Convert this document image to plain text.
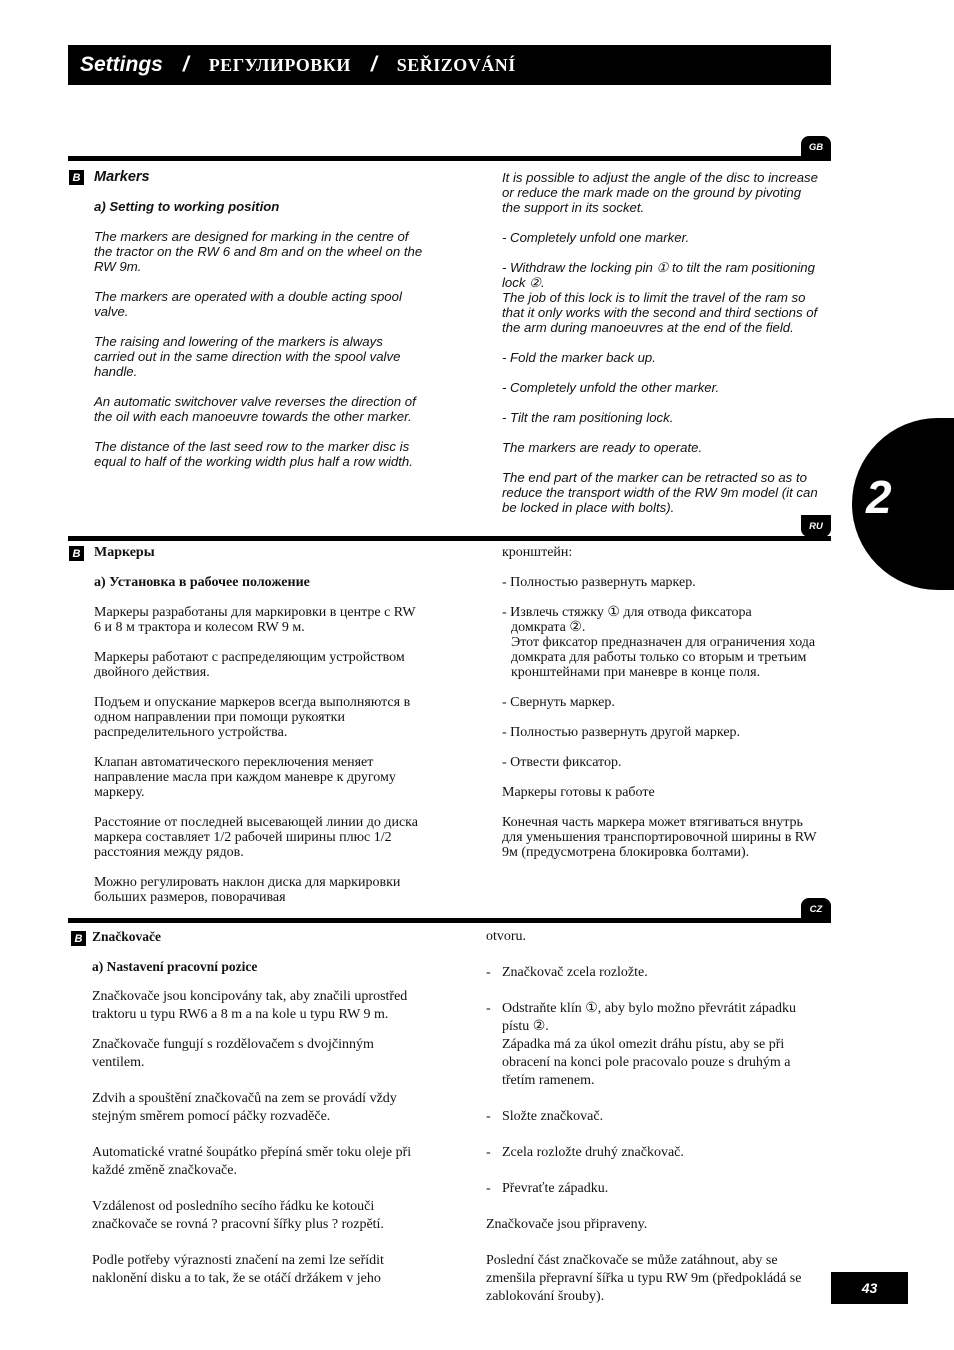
Settings / РЕГУЛИРОВКИ / SEŘIZOVÁNÍ
GB
B Markers

a) Setting to working position

The markers are designed for marking in the centre of the tractor on the RW 6 and 8m and on the wheel on the RW 9m.

The markers are operated with a double acting spool valve.

The raising and lowering of the markers is always carried out in the same direction with the spool valve handle.

An automatic switchover valve reverses the direction of the oil with each manoeuvre towards the other marker.

The distance of the last seed row to the marker disc is equal to half of the working width plus half a row width.

It is possible to adjust the angle of the disc to increase or reduce the mark made on the ground by pivoting the support in its socket.

- Completely unfold one marker.

- Withdraw the locking pin ① to tilt the ram positioning lock ②.

The job of this lock is to limit the travel of the ram so that it only works with the second and third sections of the arm during manoeuvres at the end of the field.

- Fold the marker back up.

- Completely unfold the other marker.

- Tilt the ram positioning lock.

The markers are ready to operate.

The end part of the marker can be retracted so as to reduce the transport width of the RW 9m model (it can be locked in place with bolts).

RU
B Маркеры

а) Установка в рабочее положение

Маркеры разработаны для маркировки в центре с RW 6 и 8 м трактора и колесом RW 9 м.

Маркеры работают с распределяющим устройством двойного действия.

Подъем и опускание маркеров всегда выполняются в одном направлении при помощи рукоятки распределительного устройства.

Клапан автоматического переключения меняет направление масла при каждом маневре к другому маркеру.

Расстояние от последней высевающей линии до диска маркера составляет 1/2 рабочей ширины плюс 1/2 расстояния между рядов.

Можно регулировать наклон диска для маркировки больших размеров, поворачивая

кронштейн:

- Полностью развернуть маркер.

- Извлечь стяжку ① для отвода фиксатора

домкрата ②.

Этот фиксатор предназначен для ограничения хода домкрата для работы только со вторым и третьим кронштейнами при маневре в конце поля.

- Свернуть маркер.

- Полностью развернуть другой маркер.

- Отвести фиксатор.

Маркеры готовы к работе

Конечная часть маркера может втягиваться внутрь для уменьшения транспортировочной ширины в RW 9м (предусмотрена блокировка болтами).

CZ
B Značkovače

a) Nastavení pracovní pozice

Značkovače jsou koncipovány tak, aby značili uprostřed traktoru u typu RW6 a 8 m a na kole u typu RW 9 m.

Značkovače fungují s rozdělovačem s dvojčinným ventilem.

Zdvih a spouštění značkovačů na zem se provádí vždy stejným směrem pomocí páčky rozvaděče.

Automatické vratné šoupátko přepíná směr toku oleje při každé změně značkovače.

Vzdálenost od posledního secího řádku ke kotouči značkovače se rovná ? pracovní šířky plus ? rozpětí.

Podle potřeby výraznosti značení na zemi lze seřídit naklonění disku a to tak, že se otáčí držákem v jeho

otvoru.

- Značkovač zcela rozložte.
- Odstraňte klín ①, aby bylo možno převrátit západku pístu ②.

Západka má za úkol omezit dráhu pístu, aby se při obracení na konci pole pracovalo pouze s druhým a třetím ramenem.

- Složte značkovač.
- Zcela rozložte druhý značkovač.
- Převraťte západku.

Značkovače jsou připraveny.

Poslední část značkovače se může zatáhnout, aby se zmenšila přepravní šířka u typu RW 9m (předpokládá se zablokování šrouby).

2
43
